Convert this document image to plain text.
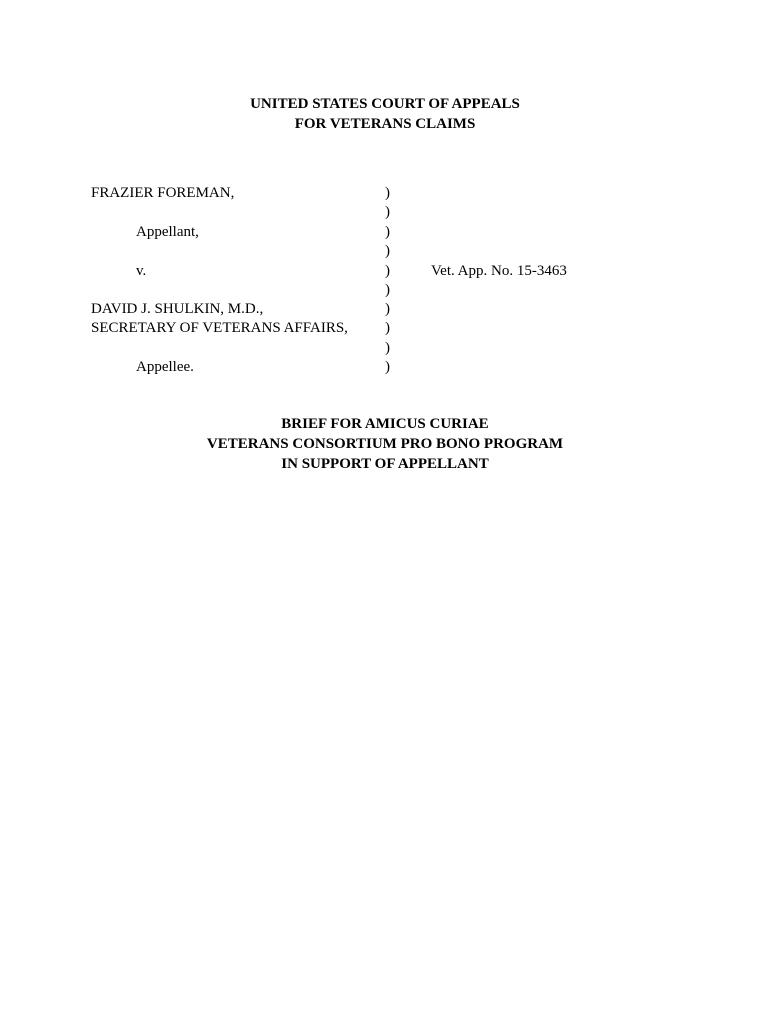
UNITED STATES COURT OF APPEALS
FOR VETERANS CLAIMS
FRAZIER FOREMAN,
Appellant,
v.
DAVID J. SHULKIN, M.D.,
SECRETARY OF VETERANS AFFAIRS,
Appellee.
Vet. App. No. 15-3463
)
)
)
)
)
)
)
)
)
)
BRIEF FOR AMICUS CURIAE
VETERANS CONSORTIUM PRO BONO PROGRAM
IN SUPPORT OF APPELLANT
